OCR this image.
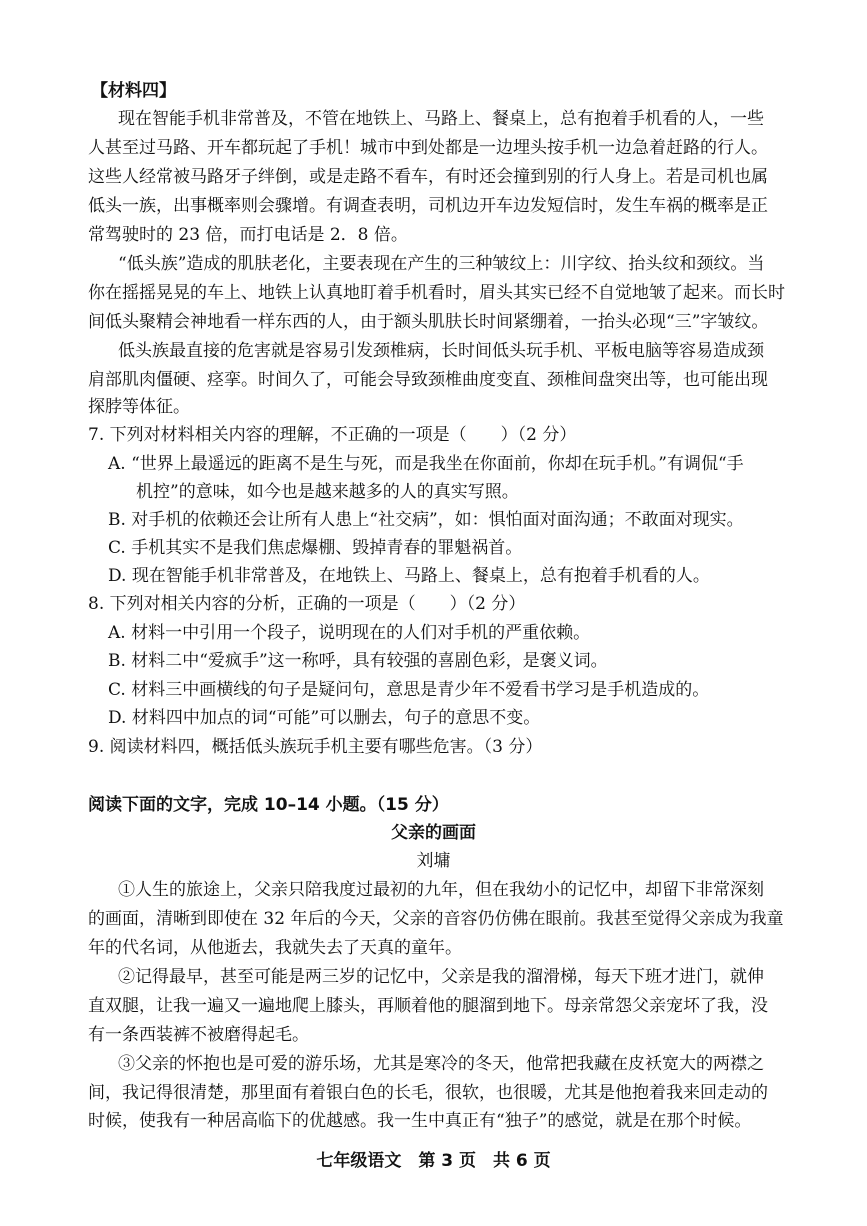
【材料四】
现在智能手机非常普及，不管在地铁上、马路上、餐桌上，总有抱着手机看的人，一些
人甚至过马路、开车都玩起了手机！城市中到处都是一边埋头按手机一边急着赶路的行人。
这些人经常被马路牙子绊倒，或是走路不看车，有时还会撞到别的行人身上。若是司机也属
低头一族，出事概率则会骤增。有调查表明，司机边开车边发短信时，发生车祸的概率是正
常驾驶时的 23 倍，而打电话是 2．8 倍。
“低头族”造成的肌肤老化，主要表现在产生的三种皱纹上：川字纹、抬头纹和颈纹。当
你在摇摇晃晃的车上、地铁上认真地盯着手机看时，眉头其实已经不自觉地皱了起来。而长时
间低头聚精会神地看一样东西的人，由于额头肌肤长时间紧绷着，一抬头必现“三”字皱纹。
低头族最直接的危害就是容易引发颈椎病，长时间低头玩手机、平板电脑等容易造成颈
肩部肌肉僵硬、痉挛。时间久了，可能会导致颈椎曲度变直、颈椎间盘突出等，也可能出现
探脖等体征。
7. 下列对材料相关内容的理解，不正确的一项是（　　）（2 分）
A. “世界上最遥远的距离不是生与死，而是我坐在你面前，你却在玩手机。”有调侃“手
机控”的意味，如今也是越来越多的人的真实写照。
B. 对手机的依赖还会让所有人患上“社交病”，如：惧怕面对面沟通；不敢面对现实。
C. 手机其实不是我们焦虑爆棚、毁掉青春的罪魁祸首。
D. 现在智能手机非常普及，在地铁上、马路上、餐桌上，总有抱着手机看的人。
8. 下列对相关内容的分析，正确的一项是（　　）（2 分）
A. 材料一中引用一个段子，说明现在的人们对手机的严重依赖。
B. 材料二中“爱疯手”这一称呼，具有较强的喜剧色彩，是褒义词。
C. 材料三中画横线的句子是疑问句，意思是青少年不爱看书学习是手机造成的。
D. 材料四中加点的词“可能”可以删去，句子的意思不变。
9. 阅读材料四，概括低头族玩手机主要有哪些危害。（3 分）
阅读下面的文字，完成 10–14 小题。（15 分）
父亲的画面
刘墉
①人生的旅途上，父亲只陪我度过最初的九年，但在我幼小的记忆中，却留下非常深刻
的画面，清晰到即使在 32 年后的今天，父亲的音容仍仿佛在眼前。我甚至觉得父亲成为我童
年的代名词，从他逝去，我就失去了天真的童年。
②记得最早，甚至可能是两三岁的记忆中，父亲是我的溜滑梯，每天下班才进门，就伸
直双腿，让我一遍又一遍地爬上膝头，再顺着他的腿溜到地下。母亲常怨父亲宠坏了我，没
有一条西装裤不被磨得起毛。
③父亲的怀抱也是可爱的游乐场，尤其是寒冷的冬天，他常把我藏在皮袄宽大的两襟之
间，我记得很清楚，那里面有着银白色的长毛，很软，也很暖，尤其是他抱着我来回走动的
时候，使我有一种居高临下的优越感。我一生中真正有“独子”的感觉，就是在那个时候。
七年级语文　第 3 页　共 6 页
